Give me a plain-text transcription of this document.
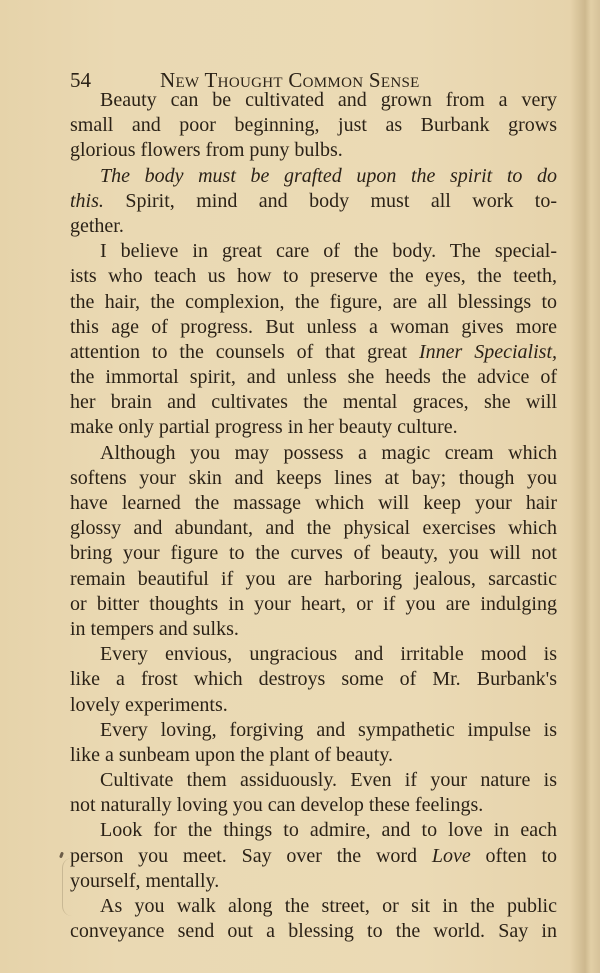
54	New Thought Common Sense
Beauty can be cultivated and grown from a very
small and poor beginning, just as Burbank grows
glorious flowers from puny bulbs.
The body must be grafted upon the spirit to do
this. Spirit, mind and body must all work to-
gether.
I believe in great care of the body. The special-
ists who teach us how to preserve the eyes, the teeth,
the hair, the complexion, the figure, are all blessings to
this age of progress. But unless a woman gives more
attention to the counsels of that great Inner Specialist,
the immortal spirit, and unless she heeds the advice of
her brain and cultivates the mental graces, she will
make only partial progress in her beauty culture.
Although you may possess a magic cream which
softens your skin and keeps lines at bay; though you
have learned the massage which will keep your hair
glossy and abundant, and the physical exercises which
bring your figure to the curves of beauty, you will not
remain beautiful if you are harboring jealous, sarcastic
or bitter thoughts in your heart, or if you are indulging
in tempers and sulks.
Every envious, ungracious and irritable mood is
like a frost which destroys some of Mr. Burbank's
lovely experiments.
Every loving, forgiving and sympathetic impulse is
like a sunbeam upon the plant of beauty.
Cultivate them assiduously. Even if your nature is
not naturally loving you can develop these feelings.
Look for the things to admire, and to love in each
person you meet. Say over the word Love often to
yourself, mentally.
As you walk along the street, or sit in the public
conveyance send out a blessing to the world. Say in
